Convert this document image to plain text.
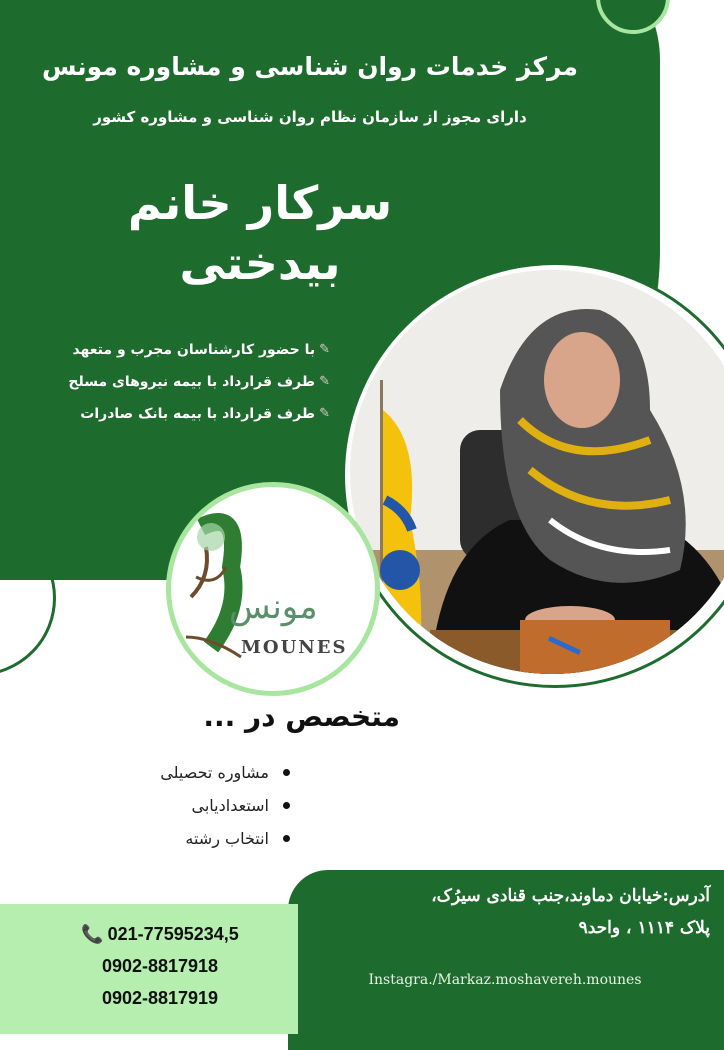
مرکز خدمات روان شناسی و مشاوره مونس
دارای مجوز از سازمان نظام روان شناسی و مشاوره کشور
سرکار خانم
بیدختی
✎
با حضور کارشناسان مجرب و متعهد
✎
طرف قرارداد با بیمه نیروهای مسلح
✎
طرف قرارداد با بیمه بانک صادرات
مونس
MOUNES
متخصص در ...
مشاوره تحصیلی
استعدادیابی
انتخاب رشته
آدرس:خیابان دماوند،جنب قنادی سیرُک،
پلاک ۱۱۱۴ ، واحد۹
Instagra./Markaz.moshavereh.mounes
📞 021-77595234,5
0902-8817918
0902-8817919
